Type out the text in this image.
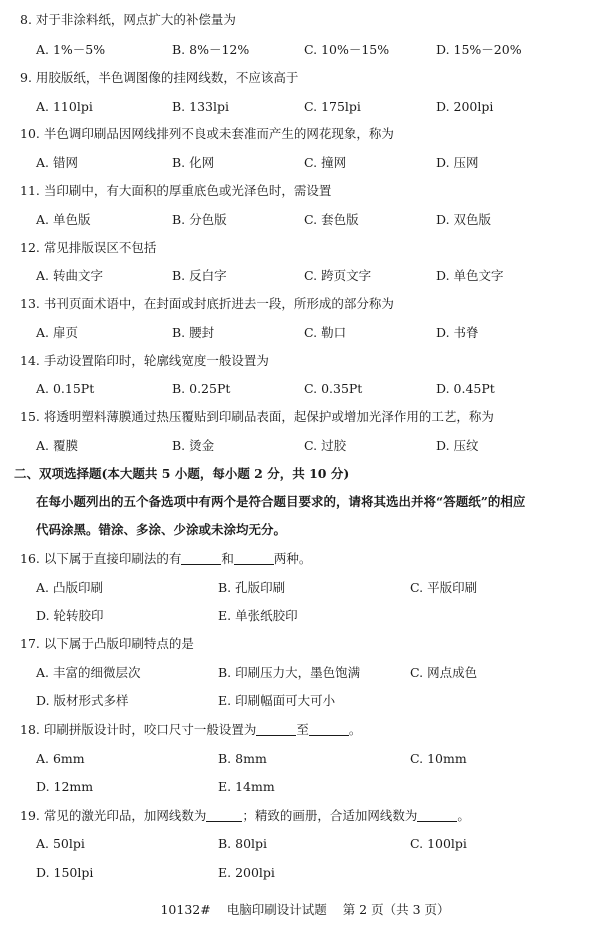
8. 对于非涂料纸，网点扩大的补偿量为
A. 1%－5%	B. 8%－12%	C. 10%－15%	D. 15%－20%
9. 用胶版纸，半色调图像的挂网线数，不应该高于
A. 110lpi	B. 133lpi	C. 175lpi	D. 200lpi
10. 半色调印刷品因网线排列不良或未套准而产生的网花现象，称为
A. 错网	B. 化网	C. 撞网	D. 压网
11. 当印刷中，有大面积的厚重底色或光泽色时，需设置
A. 单色版	B. 分色版	C. 套色版	D. 双色版
12. 常见排版误区不包括
A. 转曲文字	B. 反白字	C. 跨页文字	D. 单色文字
13. 书刊页面术语中，在封面或封底折进去一段，所形成的部分称为
A. 扉页	B. 腰封	C. 勒口	D. 书脊
14. 手动设置陷印时，轮廓线宽度一般设置为
A. 0.15Pt	B. 0.25Pt	C. 0.35Pt	D. 0.45Pt
15. 将透明塑料薄膜通过热压覆贴到印刷品表面，起保护或增加光泽作用的工艺，称为
A. 覆膜	B. 烫金	C. 过胶	D. 压纹
二、双项选择题(本大题共 5 小题，每小题 2 分，共 10 分)
在每小题列出的五个备选项中有两个是符合题目要求的，请将其选出并将“答题纸”的相应
代码涂黑。错涂、多涂、少涂或未涂均无分。
16. 以下属于直接印刷法的有	和	两种。
A. 凸版印刷	B. 孔版印刷	C. 平版印刷
D. 轮转胶印	E. 单张纸胶印
17. 以下属于凸版印刷特点的是
A. 丰富的细微层次	B. 印刷压力大，墨色饱满	C. 网点成色
D. 版材形式多样	E. 印刷幅面可大可小
18. 印刷拼版设计时，咬口尺寸一般设置为	至	。
A. 6mm	B. 8mm	C. 10mm
D. 12mm	E. 14mm
19. 常见的激光印品，加网线数为	；精致的画册，合适加网线数为	。
A. 50lpi	B. 80lpi	C. 100lpi
D. 150lpi	E. 200lpi
10132# 电脑印刷设计试题 第 2 页（共 3 页）
